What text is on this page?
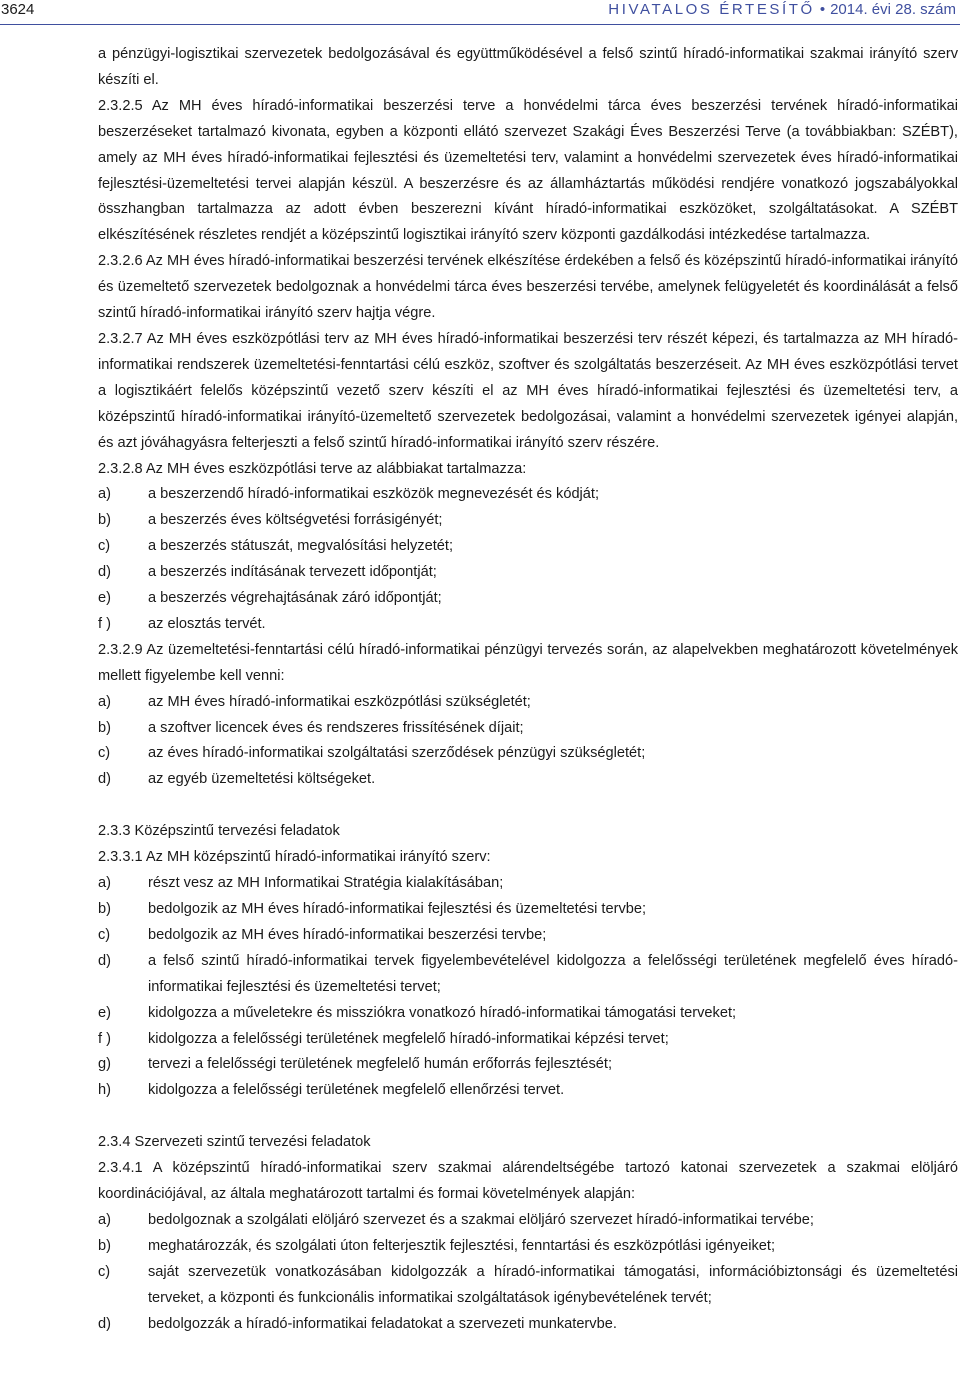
3624	HIVATALOS ÉRTESÍTŐ • 2014. évi 28. szám

a pénzügyi-logisztikai szervezetek bedolgozásával és együttműködésével a felső szintű híradó-informatikai szakmai irányító szerv készíti el.

2.3.2.5 Az MH éves híradó-informatikai beszerzési terve a honvédelmi tárca éves beszerzési tervének híradó-informatikai beszerzéseket tartalmazó kivonata, egyben a központi ellátó szervezet Szakági Éves Beszerzési Terve (a továbbiakban: SZÉBT), amely az MH éves híradó-informatikai fejlesztési és üzemeltetési terv, valamint a honvédelmi szervezetek éves híradó-informatikai fejlesztési-üzemeltetési tervei alapján készül. A beszerzésre és az államháztartás működési rendjére vonatkozó jogszabályokkal összhangban tartalmazza az adott évben beszerezni kívánt híradó-informatikai eszközöket, szolgáltatásokat. A SZÉBT elkészítésének részletes rendjét a középszintű logisztikai irányító szerv központi gazdálkodási intézkedése tartalmazza.

2.3.2.6 Az MH éves híradó-informatikai beszerzési tervének elkészítése érdekében a felső és középszintű híradó-informatikai irányító és üzemeltető szervezetek bedolgoznak a honvédelmi tárca éves beszerzési tervébe, amelynek felügyeletét és koordinálását a felső szintű híradó-informatikai irányító szerv hajtja végre.

2.3.2.7 Az MH éves eszközpótlási terv az MH éves híradó-informatikai beszerzési terv részét képezi, és tartalmazza az MH híradó-informatikai rendszerek üzemeltetési-fenntartási célú eszköz, szoftver és szolgáltatás beszerzéseit. Az MH éves eszközpótlási tervet a logisztikáért felelős középszintű vezető szerv készíti el az MH éves híradó-informatikai fejlesztési és üzemeltetési terv, a középszintű híradó-informatikai irányító-üzemeltető szervezetek bedolgozásai, valamint a honvédelmi szervezetek igényei alapján, és azt jóváhagyásra felterjeszti a felső szintű híradó-informatikai irányító szerv részére.

2.3.2.8 Az MH éves eszközpótlási terve az alábbiakat tartalmazza:

a)	a beszerzendő híradó-informatikai eszközök megnevezését és kódját;
b)	a beszerzés éves költségvetési forrásigényét;
c)	a beszerzés státuszát, megvalósítási helyzetét;
d)	a beszerzés indításának tervezett időpontját;
e)	a beszerzés végrehajtásának záró időpontját;
f )	az elosztás tervét.

2.3.2.9 Az üzemeltetési-fenntartási célú híradó-informatikai pénzügyi tervezés során, az alapelvekben meghatározott követelmények mellett figyelembe kell venni:

a)	az MH éves híradó-informatikai eszközpótlási szükségletét;
b)	a szoftver licencek éves és rendszeres frissítésének díjait;
c)	az éves híradó-informatikai szolgáltatási szerződések pénzügyi szükségletét;
d)	az egyéb üzemeltetési költségeket.

2.3.3 Középszintű tervezési feladatok

2.3.3.1 Az MH középszintű híradó-informatikai irányító szerv:

a)	részt vesz az MH Informatikai Stratégia kialakításában;
b)	bedolgozik az MH éves híradó-informatikai fejlesztési és üzemeltetési tervbe;
c)	bedolgozik az MH éves híradó-informatikai beszerzési tervbe;
d)	a felső szintű híradó-informatikai tervek figyelembevételével kidolgozza a felelősségi területének megfelelő éves híradó-informatikai fejlesztési és üzemeltetési tervet;
e)	kidolgozza a műveletekre és missziókra vonatkozó híradó-informatikai támogatási terveket;
f )	kidolgozza a felelősségi területének megfelelő híradó-informatikai képzési tervet;
g)	tervezi a felelősségi területének megfelelő humán erőforrás fejlesztését;
h)	kidolgozza a felelősségi területének megfelelő ellenőrzési tervet.

2.3.4 Szervezeti szintű tervezési feladatok

2.3.4.1 A középszintű híradó-informatikai szerv szakmai alárendeltségébe tartozó katonai szervezetek a szakmai elöljáró koordinációjával, az általa meghatározott tartalmi és formai követelmények alapján:

a)	bedolgoznak a szolgálati elöljáró szervezet és a szakmai elöljáró szervezet híradó-informatikai tervébe;
b)	meghatározzák, és szolgálati úton felterjesztik fejlesztési, fenntartási és eszközpótlási igényeiket;
c)	saját szervezetük vonatkozásában kidolgozzák a híradó-informatikai támogatási, információbiztonsági és üzemeltetési terveket, a központi és funkcionális informatikai szolgáltatások igénybevételének tervét;
d)	bedolgozzák a híradó-informatikai feladatokat a szervezeti munkatervbe.
